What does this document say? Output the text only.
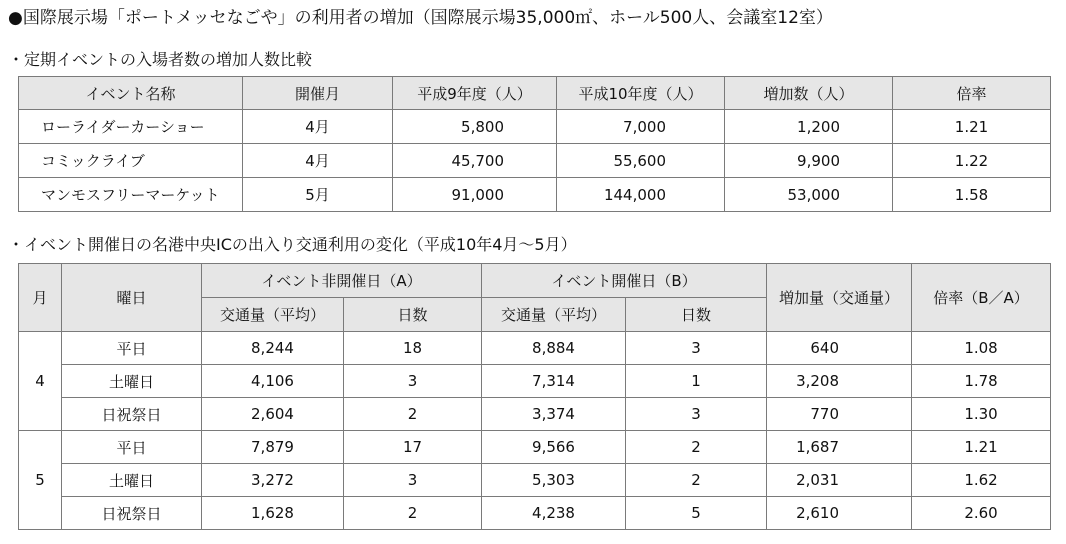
●国際展示場「ポートメッセなごや」の利用者の増加（国際展示場35,000㎡、ホール500人、会議室12室）
・定期イベントの入場者数の増加人数比較
イベント名称	開催月	平成9年度（人）	平成10年度（人）	増加数（人）	倍率
ローライダーカーショー	4月	5,800	7,000	1,200	1.21
コミックライブ	4月	45,700	55,600	9,900	1.22
マンモスフリーマーケット	5月	91,000	144,000	53,000	1.58
・イベント開催日の名港中央ICの出入り交通利用の変化（平成10年4月～5月）
月	曜日	イベント非開催日（A）		イベント開催日（B）		増加量（交通量）	倍率（B／A）
		交通量（平均）	日数	交通量（平均）	日数		
4	平日	8,244	18	8,884	3	640	1.08
	土曜日	4,106	3	7,314	1	3,208	1.78
	日祝祭日	2,604	2	3,374	3	770	1.30
5	平日	7,879	17	9,566	2	1,687	1.21
	土曜日	3,272	3	5,303	2	2,031	1.62
	日祝祭日	1,628	2	4,238	5	2,610	2.60
